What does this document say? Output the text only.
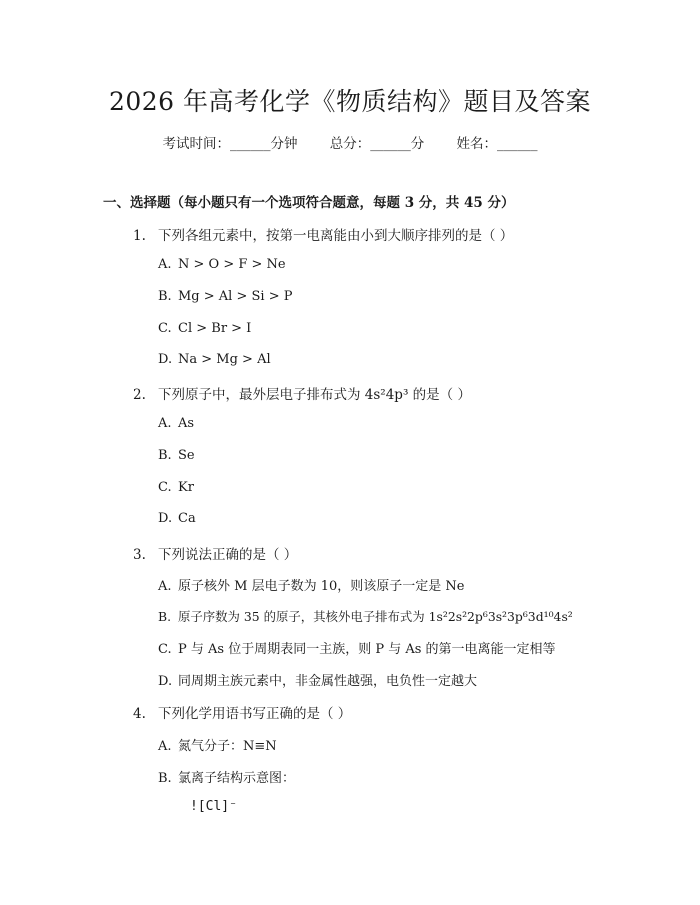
2026 年高考化学《物质结构》题目及答案
考试时间：______分钟 总分：______分 姓名：______
一、选择题（每小题只有一个选项符合题意，每题 3 分，共 45 分）
1. 下列各组元素中，按第一电离能由小到大顺序排列的是（ ）
A. N > O > F > Ne
B. Mg > Al > Si > P
C. Cl > Br > I
D. Na > Mg > Al
2. 下列原子中，最外层电子排布式为 4s²4p³ 的是（ ）
A. As
B. Se
C. Kr
D. Ca
3. 下列说法正确的是（ ）
A. 原子核外 M 层电子数为 10，则该原子一定是 Ne
B. 原子序数为 35 的原子，其核外电子排布式为 1s²2s²2p⁶3s²3p⁶3d¹⁰4s²
C. P 与 As 位于周期表同一主族，则 P 与 As 的第一电离能一定相等
D. 同周期主族元素中，非金属性越强，电负性一定越大
4. 下列化学用语书写正确的是（ ）
A. 氮气分子：N≡N
B. 氯离子结构示意图：
![Cl]⁻
